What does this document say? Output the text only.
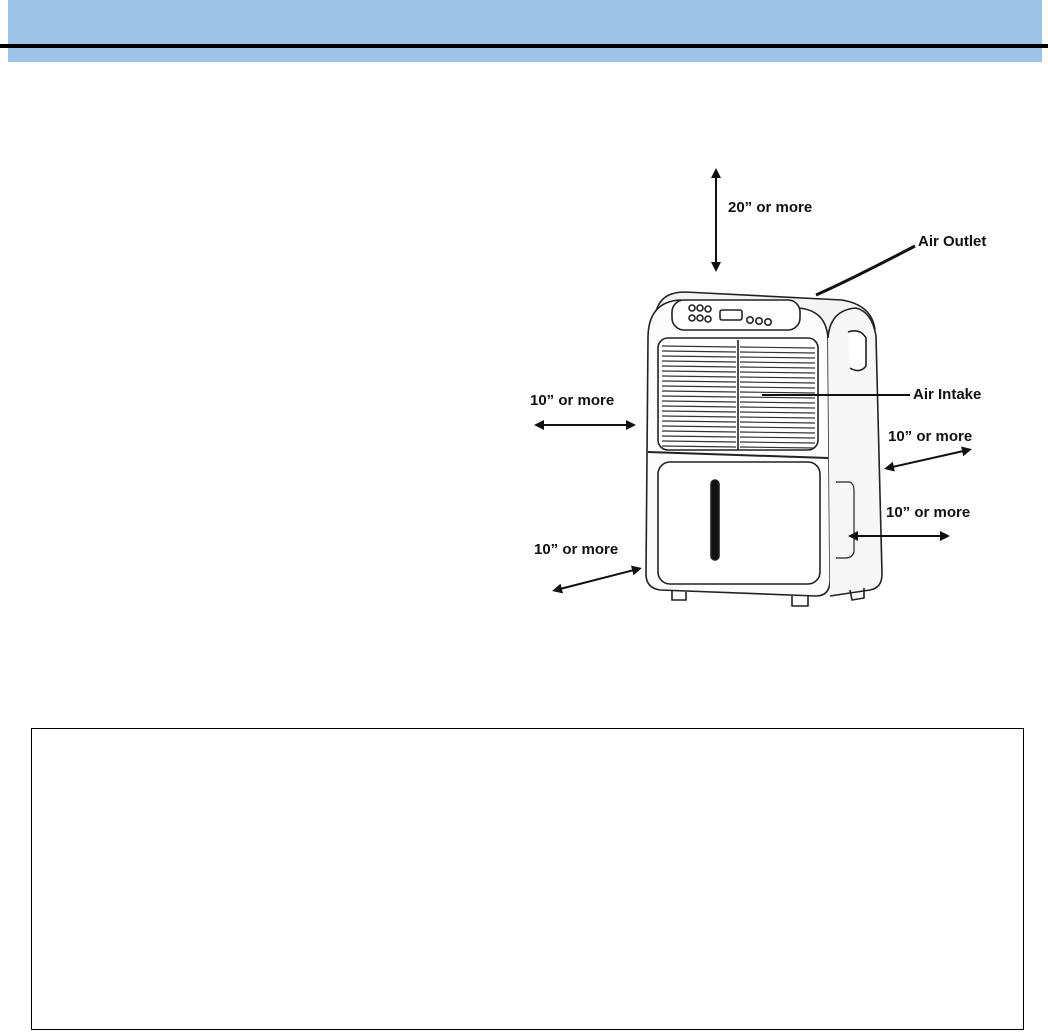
20” or more
Air Outlet
Air Intake
10” or more
10” or more
10” or more
10” or more
